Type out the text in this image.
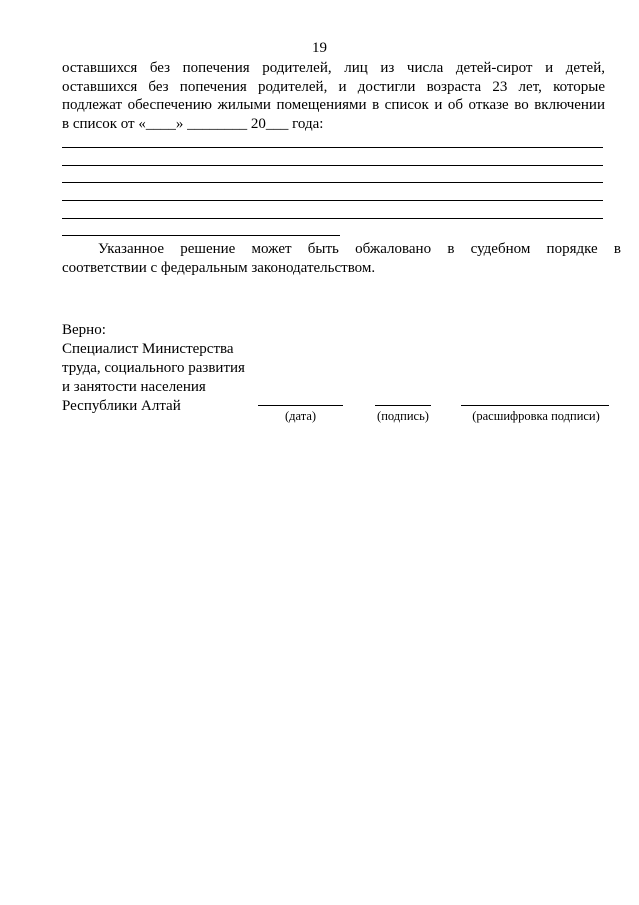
19
оставшихся без попечения родителей, лиц из числа детей-сирот и детей,
оставшихся без попечения родителей, и достигли возраста 23 лет, которые
подлежат обеспечению жилыми помещениями в список и об отказе во включении
в список от «____» ________ 20___ года:
Указанное решение может быть обжаловано в судебном порядке в
соответствии с федеральным законодательством.
Верно:
Специалист Министерства
труда, социального развития
и занятости населения
Республики Алтай
(дата)	(подпись)	(расшифровка подписи)
